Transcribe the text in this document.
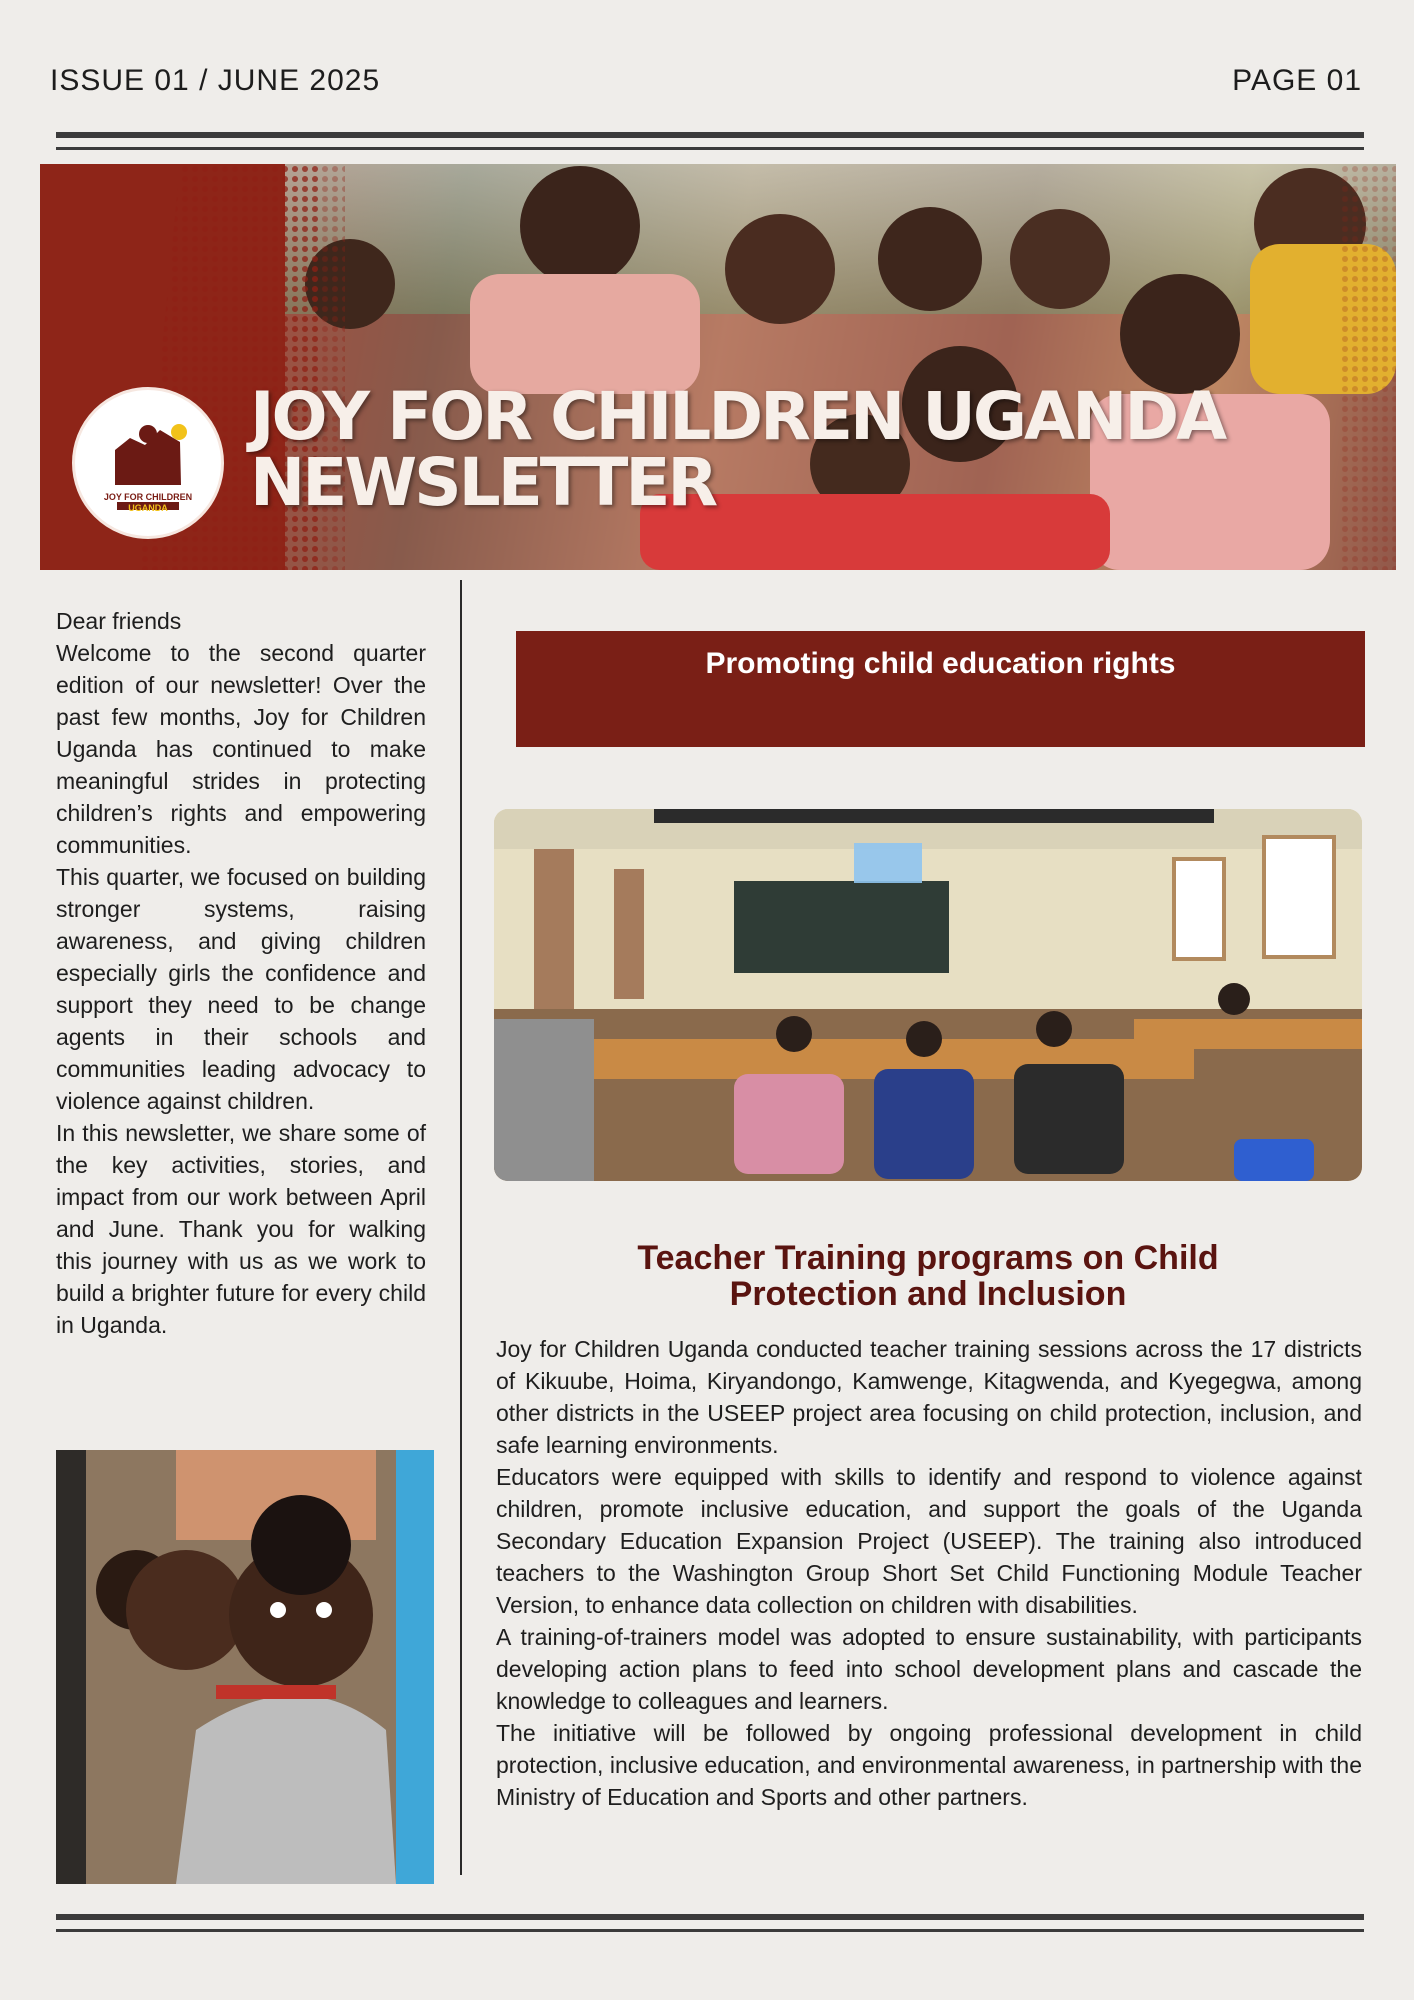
ISSUE 01 / JUNE 2025	PAGE 01
JOY FOR CHILDREN
UGANDA
JOY FOR CHILDREN UGANDA
NEWSLETTER

Dear friends

Welcome to the second quarter edition of our newsletter! Over the past few months, Joy for Children Uganda has continued to make meaningful strides in protecting children’s rights and empowering communities.

This quarter, we focused on building stronger systems, raising awareness, and giving children especially girls the confidence and support they need to be change agents in their schools and communities leading advocacy to violence against children.

In this newsletter, we share some of the key activities, stories, and impact from our work between April and June. Thank you for walking this journey with us as we work to build a brighter future for every child in Uganda.

Promoting child education rights
Teacher Training programs on Child
Protection and Inclusion

Joy for Children Uganda conducted teacher training sessions across the 17 districts of Kikuube, Hoima, Kiryandongo, Kamwenge, Kitagwenda, and Kyegegwa, among other districts in the USEEP project area focusing on child protection, inclusion, and safe learning environments.

Educators were equipped with skills to identify and respond to violence against children, promote inclusive education, and support the goals of the Uganda Secondary Education Expansion Project (USEEP). The training also introduced teachers to the Washington Group Short Set Child Functioning Module Teacher Version, to enhance data collection on children with disabilities.

A training-of-trainers model was adopted to ensure sustainability, with participants developing action plans to feed into school development plans and cascade the knowledge to colleagues and learners.

The initiative will be followed by ongoing professional development in child protection, inclusive education, and environmental awareness, in partnership with the Ministry of Education and Sports and other partners.
